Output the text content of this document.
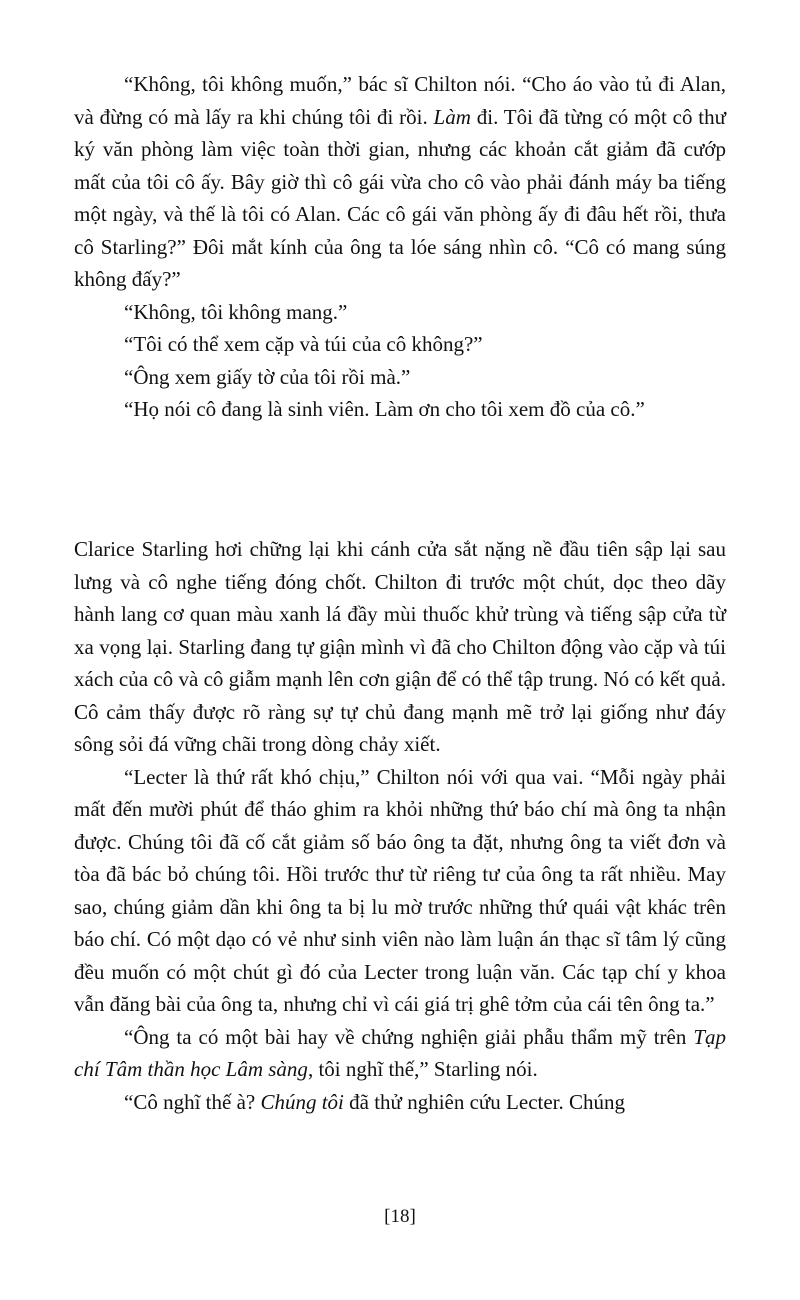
“Không, tôi không muốn,” bác sĩ Chilton nói. “Cho áo vào tủ đi Alan, và đừng có mà lấy ra khi chúng tôi đi rồi. Làm đi. Tôi đã từng có một cô thư ký văn phòng làm việc toàn thời gian, nhưng các khoản cắt giảm đã cướp mất của tôi cô ấy. Bây giờ thì cô gái vừa cho cô vào phải đánh máy ba tiếng một ngày, và thế là tôi có Alan. Các cô gái văn phòng ấy đi đâu hết rồi, thưa cô Starling?” Đôi mắt kính của ông ta lóe sáng nhìn cô. “Cô có mang súng không đấy?”

“Không, tôi không mang.”

“Tôi có thể xem cặp và túi của cô không?”

“Ông xem giấy tờ của tôi rồi mà.”

“Họ nói cô đang là sinh viên. Làm ơn cho tôi xem đồ của cô.”

Clarice Starling hơi chững lại khi cánh cửa sắt nặng nề đầu tiên sập lại sau lưng và cô nghe tiếng đóng chốt. Chilton đi trước một chút, dọc theo dãy hành lang cơ quan màu xanh lá đầy mùi thuốc khử trùng và tiếng sập cửa từ xa vọng lại. Starling đang tự giận mình vì đã cho Chilton động vào cặp và túi xách của cô và cô giẫm mạnh lên cơn giận để có thể tập trung. Nó có kết quả. Cô cảm thấy được rõ ràng sự tự chủ đang mạnh mẽ trở lại giống như đáy sông sỏi đá vững chãi trong dòng chảy xiết.

“Lecter là thứ rất khó chịu,” Chilton nói với qua vai. “Mỗi ngày phải mất đến mười phút để tháo ghim ra khỏi những thứ báo chí mà ông ta nhận được. Chúng tôi đã cố cắt giảm số báo ông ta đặt, nhưng ông ta viết đơn và tòa đã bác bỏ chúng tôi. Hồi trước thư từ riêng tư của ông ta rất nhiều. May sao, chúng giảm dần khi ông ta bị lu mờ trước những thứ quái vật khác trên báo chí. Có một dạo có vẻ như sinh viên nào làm luận án thạc sĩ tâm lý cũng đều muốn có một chút gì đó của Lecter trong luận văn. Các tạp chí y khoa vẫn đăng bài của ông ta, nhưng chỉ vì cái giá trị ghê tởm của cái tên ông ta.”

“Ông ta có một bài hay về chứng nghiện giải phẫu thẩm mỹ trên Tạp chí Tâm thần học Lâm sàng, tôi nghĩ thế,” Starling nói.

“Cô nghĩ thế à? Chúng tôi đã thử nghiên cứu Lecter. Chúng

[18]
